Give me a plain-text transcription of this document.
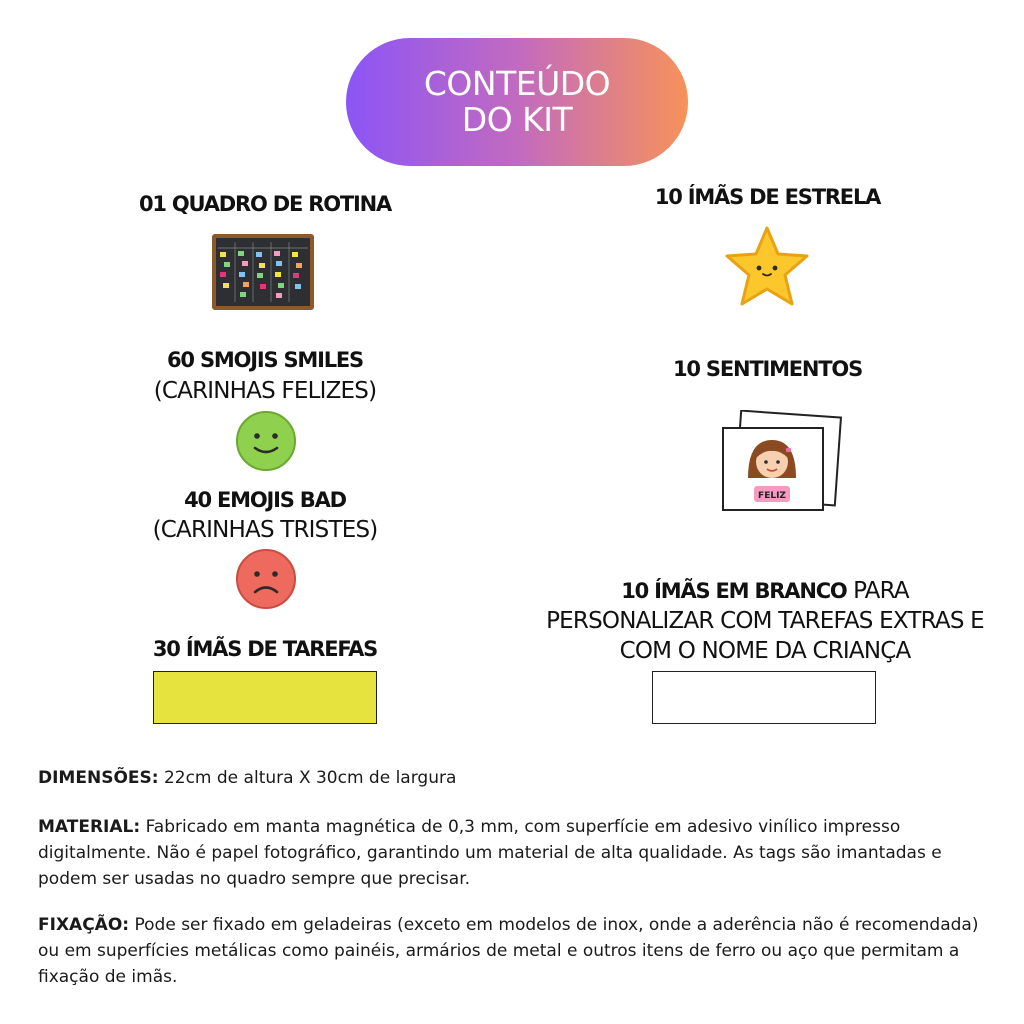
CONTEÚDO
DO KIT
01 QUADRO DE ROTINA
60 SMOJIS SMILES
(CARINHAS FELIZES)
40 EMOJIS BAD
(CARINHAS TRISTES)
30 ÍMÃS DE TAREFAS
10 ÍMÃS DE ESTRELA
10 SENTIMENTOS
FELIZ
10 ÍMÃS EM BRANCO PARA
PERSONALIZAR COM TAREFAS EXTRAS E
COM O NOME DA CRIANÇA
DIMENSÕES: 22cm de altura X 30cm de largura
MATERIAL: Fabricado em manta magnética de 0,3 mm, com superfície em adesivo vinílico impresso digitalmente. Não é papel fotográfico, garantindo um material de alta qualidade. As tags são imantadas e podem ser usadas no quadro sempre que precisar.
FIXAÇÃO: Pode ser fixado em geladeiras (exceto em modelos de inox, onde a aderência não é recomendada) ou em superfícies metálicas como painéis, armários de metal e outros itens de ferro ou aço que permitam a fixação de imãs.
